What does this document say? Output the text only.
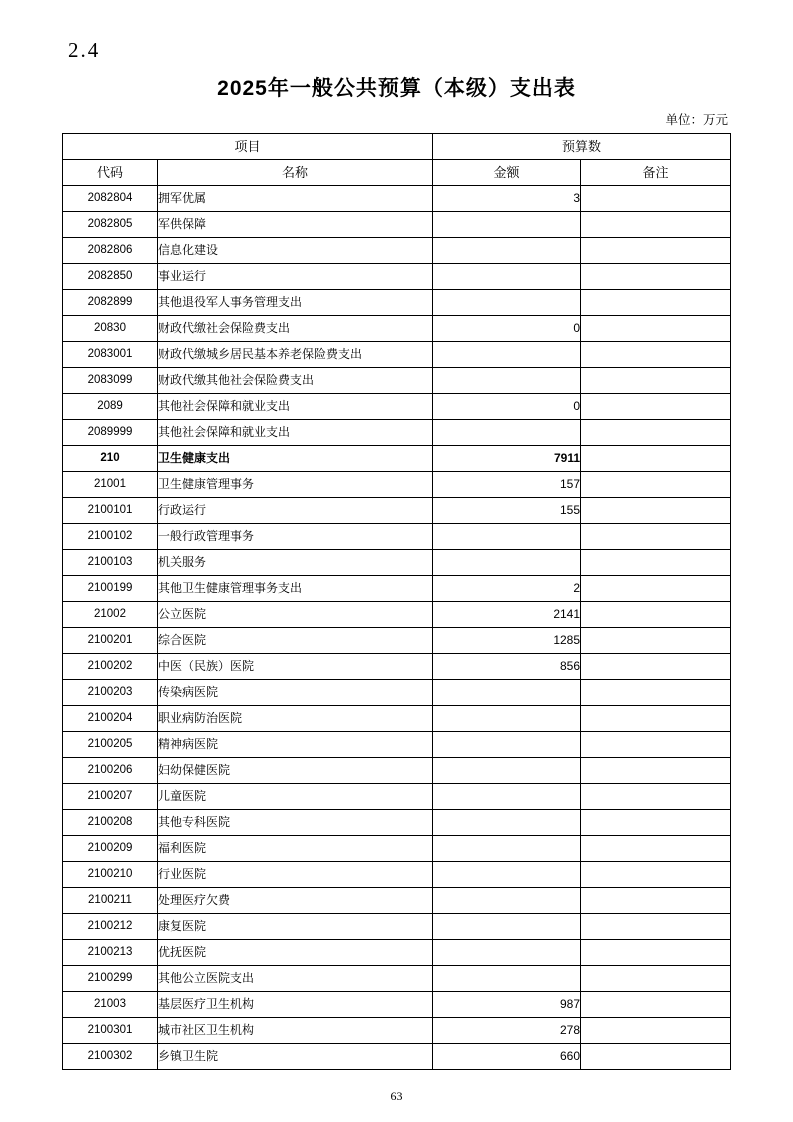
2.4
2025年一般公共预算（本级）支出表
单位：万元
项目		预算数	
代码	名称	金额	备注
2082804	拥军优属	3	
2082805	军供保障		
2082806	信息化建设		
2082850	事业运行		
2082899	其他退役军人事务管理支出		
20830	财政代缴社会保险费支出	0	
2083001	财政代缴城乡居民基本养老保险费支出		
2083099	财政代缴其他社会保险费支出		
2089	其他社会保障和就业支出	0	
2089999	其他社会保障和就业支出		
210	卫生健康支出	7911	
21001	卫生健康管理事务	157	
2100101	行政运行	155	
2100102	一般行政管理事务		
2100103	机关服务		
2100199	其他卫生健康管理事务支出	2	
21002	公立医院	2141	
2100201	综合医院	1285	
2100202	中医（民族）医院	856	
2100203	传染病医院		
2100204	职业病防治医院		
2100205	精神病医院		
2100206	妇幼保健医院		
2100207	儿童医院		
2100208	其他专科医院		
2100209	福利医院		
2100210	行业医院		
2100211	处理医疗欠费		
2100212	康复医院		
2100213	优抚医院		
2100299	其他公立医院支出		
21003	基层医疗卫生机构	987	
2100301	城市社区卫生机构	278	
2100302	乡镇卫生院	660	
63
